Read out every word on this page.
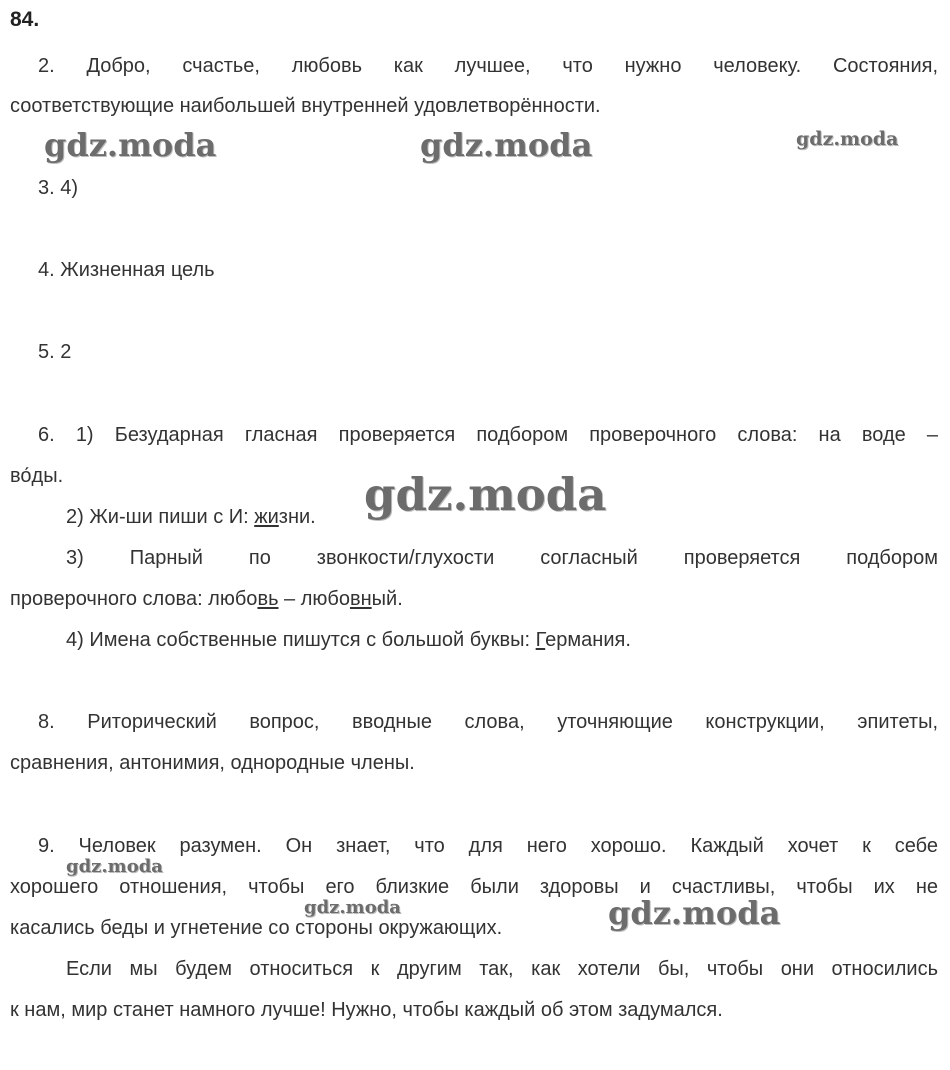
84.
2. Добро, счастье, любовь как лучшее, что нужно человеку. Состояния,
соответствующие наибольшей внутренней удовлетворённости.
3. 4)
4. Жизненная цель
5. 2
6. 1) Безударная гласная проверяется подбором проверочного слова: на воде –
во́ды.
2) Жи-ши пиши с И: жизни.
3) Парный по звонкости/глухости согласный проверяется подбором
проверочного слова: любовь – любовный.
4) Имена собственные пишутся с большой буквы: Германия.
8. Риторический вопрос, вводные слова, уточняющие конструкции, эпитеты,
сравнения, антонимия, однородные члены.
9. Человек разумен. Он знает, что для него хорошо. Каждый хочет к себе
хорошего отношения, чтобы его близкие были здоровы и счастливы, чтобы их не
касались беды и угнетение со стороны окружающих.
Если мы будем относиться к другим так, как хотели бы, чтобы они относились
к нам, мир станет намного лучше! Нужно, чтобы каждый об этом задумался.
gdz.moda	gdz.moda	gdz.moda
gdz.moda
gdz.moda
gdz.moda	gdz.moda
